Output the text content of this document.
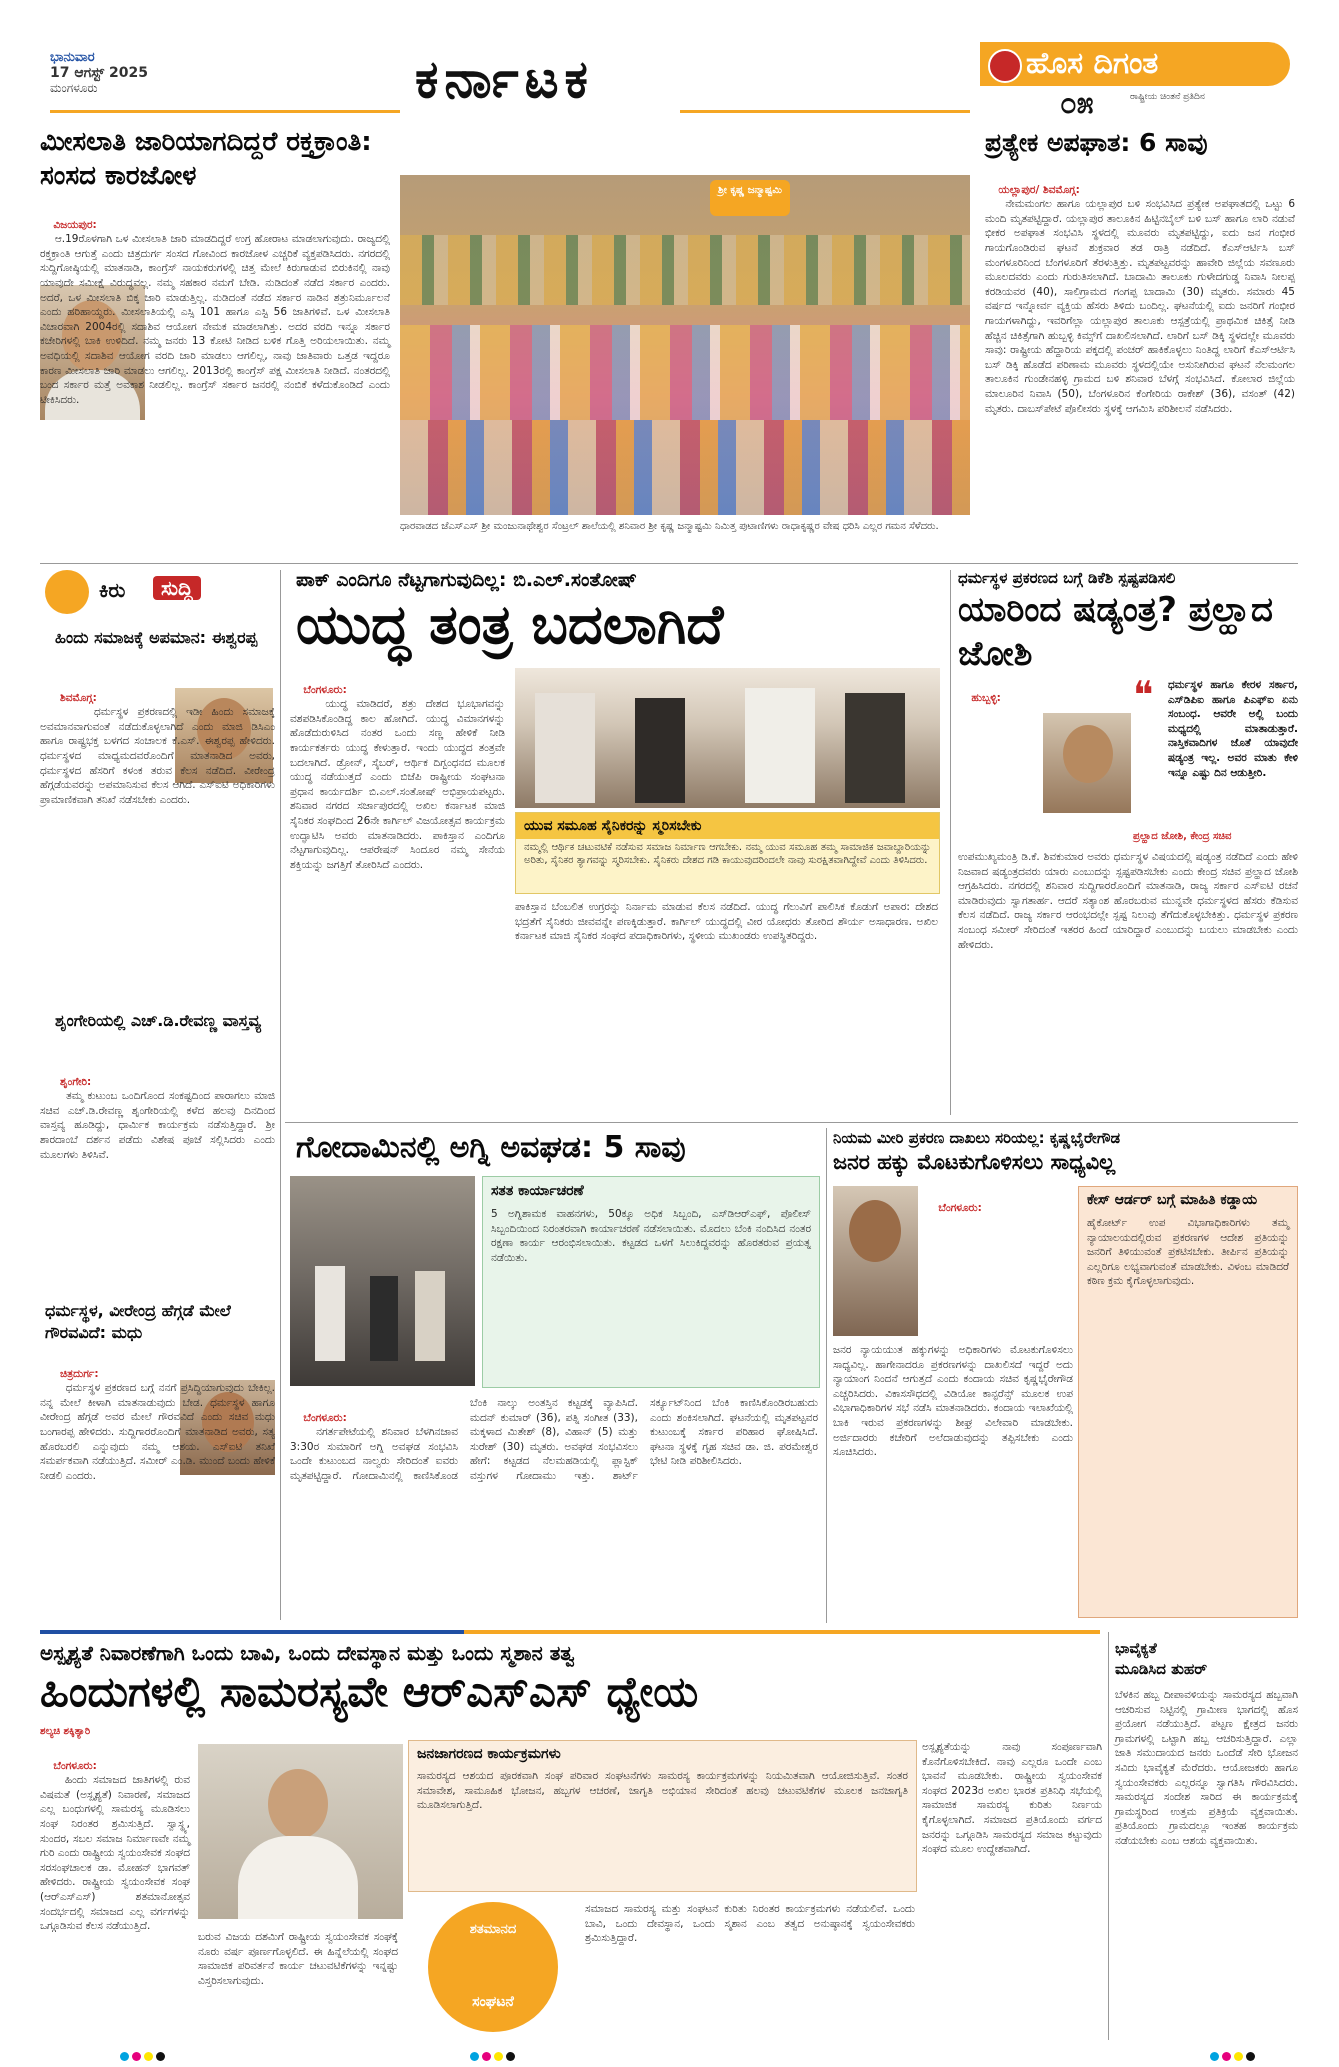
ಭಾನುವಾರ
17 ಆಗಸ್ಟ್ 2025
ಮಂಗಳೂರು	ಕರ್ನಾಟಕ	ಹೊಸ ದಿಗಂತ
೦೫	ರಾಷ್ಟ್ರೀಯ ಚಿಂತನೆ ಪ್ರತಿದಿನ
ಮೀಸಲಾತಿ ಜಾರಿಯಾಗದಿದ್ದರೆ ರಕ್ತಕ್ರಾಂತಿ: ಸಂಸದ ಕಾರಜೋಳ

ವಿಜಯಪುರ:
ಆ.19ರೊಳಗಾಗಿ ಒಳ ಮೀಸಲಾತಿ ಜಾರಿ ಮಾಡದಿದ್ದರೆ ಉಗ್ರ ಹೋರಾಟ ಮಾಡಲಾಗುವುದು. ರಾಜ್ಯದಲ್ಲಿ ರಕ್ತಕ್ರಾಂತಿ ಆಗುತ್ತೆ ಎಂದು ಚಿತ್ರದುರ್ಗ ಸಂಸದ ಗೋವಿಂದ ಕಾರಜೋಳ ಎಚ್ಚರಿಕೆ ವ್ಯಕ್ತಪಡಿಸಿದರು. ನಗರದಲ್ಲಿ ಸುದ್ದಿಗೋಷ್ಠಿಯಲ್ಲಿ ಮಾತನಾಡಿ, ಕಾಂಗ್ರೆಸ್ ನಾಯಕರುಗಳಲ್ಲಿ ಚಿತ್ತ ಮೇಲೆ ಕಿರುಗಾಡುವ ಬಿರುಕಿನಲ್ಲಿ ನಾವು ಯಾವುದೇ ಸಮೀಕ್ಷೆ ವಿರುದ್ಧವಲ್ಲ. ನಮ್ಮ ಸಹಕಾರ ನಮಗೆ ಬೇಡಿ. ನುಡಿದಂತೆ ನಡೆದ ಸರ್ಕಾರ ಎಂದರು. ಅದರೆ, ಒಳ ಮೀಸಲಾತಿ ಬಿಕ್ಕ ಜಾರಿ ಮಾಡುತ್ತಿಲ್ಲ. ನುಡಿದಂತೆ ನಡೆದ ಸರ್ಕಾರ ನಾಡಿನ ಶತ್ರುನಿರ್ಮೂಲನೆ ಎಂದು ಹರಿಹಾಯ್ದರು. ಮೀಸಲಾತಿಯಲ್ಲಿ ಎಸ್ಸಿ 101 ಹಾಗೂ ಎಸ್ಟಿ 56 ಜಾತಿಗಳಿವೆ. ಒಳ ಮೀಸಲಾತಿ ವಿಚಾರವಾಗಿ 2004ರಲ್ಲಿ ಸದಾಶಿವ ಆಯೋಗ ನೇಮಕ ಮಾಡಲಾಗಿತ್ತು. ಅದರ ವರದಿ ಇನ್ನೂ ಸರ್ಕಾರ ಕಚೇರಿಗಳಲ್ಲಿ ಬಾಕಿ ಉಳಿದಿದೆ. ನಮ್ಮ ಜನರು 13 ಕೋಟಿ ನೀಡಿದ ಬಳಿಕ ಗೊತ್ತಿ ಅರಿಯಲಾಯಿತು. ನಮ್ಮ ಅವಧಿಯಲ್ಲಿ ಸದಾಶಿವ ಆಯೋಗ ವರದಿ ಜಾರಿ ಮಾಡಲು ಆಗಲಿಲ್ಲ, ನಾವು ಜಾತಿವಾರು ಒತ್ತಡ ಇದ್ದರೂ ಕಾರಣ ಮೀಸಲಾತಿ ಜಾರಿ ಮಾಡಲು ಆಗಲಿಲ್ಲ. 2013ರಲ್ಲಿ ಕಾಂಗ್ರೆಸ್ ಪಕ್ಷ ಮೀಸಲಾತಿ ನೀಡಿದೆ. ನಂತರದಲ್ಲಿ ಬಂದ ಸರ್ಕಾರ ಮತ್ತೆ ಅವಕಾಶ ನೀಡಲಿಲ್ಲ. ಕಾಂಗ್ರೆಸ್ ಸರ್ಕಾರ ಜನರಲ್ಲಿ ನಂಬಿಕೆ ಕಳೆದುಕೊಂಡಿದೆ ಎಂದು ಟೀಕಿಸಿದರು.

ಶ್ರೀ ಕೃಷ್ಣ ಜನ್ಮಾಷ್ಟಮಿ
ಧಾರವಾಡದ ಜೆಎಸ್ಎಸ್ ಶ್ರೀ ಮಂಜುನಾಥೇಶ್ವರ ಸೆಂಟ್ರಲ್ ಶಾಲೆಯಲ್ಲಿ ಶನಿವಾರ ಶ್ರೀ ಕೃಷ್ಣ ಜನ್ಮಾಷ್ಟಮಿ ನಿಮಿತ್ತ ಪುಟಾಣಿಗಳು ರಾಧಾಕೃಷ್ಣರ ವೇಷ ಧರಿಸಿ ಎಲ್ಲರ ಗಮನ ಸೆಳೆದರು.
ಪ್ರತ್ಯೇಕ ಅಪಘಾತ: 6 ಸಾವು

ಯಲ್ಲಾಪುರ/ ಶಿವಮೊಗ್ಗ:
ನೇಮಮಂಗಲ ಹಾಗೂ ಯಲ್ಲಾಪುರ ಬಳಿ ಸಂಭವಿಸಿದ ಪ್ರತ್ಯೇಕ ಅಪಘಾತದಲ್ಲಿ ಒಟ್ಟು 6 ಮಂದಿ ಮೃತಪಟ್ಟಿದ್ದಾರೆ. ಯಲ್ಲಾಪುರ ತಾಲೂಕಿನ ಹಿಟ್ಟಿನಬೈಲ್ ಬಳಿ ಬಸ್ ಹಾಗೂ ಲಾರಿ ನಡುವೆ ಭೀಕರ ಅಪಘಾತ ಸಂಭವಿಸಿ ಸ್ಥಳದಲ್ಲಿ ಮೂವರು ಮೃತಪಟ್ಟಿದ್ದು, ಐದು ಜನ ಗಂಭೀರ ಗಾಯಗೊಂಡಿರುವ ಘಟನೆ ಶುಕ್ರವಾರ ತಡ ರಾತ್ರಿ ನಡೆದಿದೆ. ಕೆಎಸ್ಆರ್ಟಿಸಿ ಬಸ್ ಮಂಗಳೂರಿನಿಂದ ಬೆಂಗಳೂರಿಗೆ ತೆರಳುತ್ತಿತ್ತು. ಮೃತಪಟ್ಟವರನ್ನು ಹಾವೇರಿ ಜಿಲ್ಲೆಯ ಸವಣೂರು ಮೂಲದವರು ಎಂದು ಗುರುತಿಸಲಾಗಿದೆ. ಬಾದಾಮಿ ತಾಲೂಕು ಗುಳೇದಗುಡ್ಡ ನಿವಾಸಿ ನೀಲಪ್ಪ ಕರಡಿಯವರ (40), ಸಾಲಿಗ್ರಾಮದ ಗಂಗಪ್ಪ ಬಾದಾಮಿ (30) ಮೃತರು. ಸಮಾರು 45 ವರ್ಷದ ಇನ್ನೋರ್ವ ವ್ಯಕ್ತಿಯ ಹೆಸರು ತಿಳಿದು ಬಂದಿಲ್ಲ. ಘಟನೆಯಲ್ಲಿ ಐದು ಜನರಿಗೆ ಗಂಭೀರ ಗಾಯಗಳಾಗಿದ್ದು, ಇವರಿಗೆಲ್ಲಾ ಯಲ್ಲಾಪುರ ತಾಲೂಕು ಆಸ್ಪತ್ರೆಯಲ್ಲಿ ಪ್ರಾಥಮಿಕ ಚಿಕಿತ್ಸೆ ನೀಡಿ ಹೆಚ್ಚಿನ ಚಿಕಿತ್ಸೆಗಾಗಿ ಹುಬ್ಬಳ್ಳಿ ಕಿಮ್ಸ್‌ಗೆ ದಾಖಲಿಸಲಾಗಿದೆ. ಲಾರಿಗೆ ಬಸ್ ಡಿಕ್ಕಿ ಸ್ಥಳದಲ್ಲೇ ಮೂವರು ಸಾವು: ರಾಷ್ಟ್ರೀಯ ಹೆದ್ದಾರಿಯ ಪಕ್ಕದಲ್ಲಿ ಪಂಚರ್ ಹಾಕಿಕೊಳ್ಳಲು ನಿಂತಿದ್ದ ಲಾರಿಗೆ ಕೆಎಸ್ಆರ್ಟಿಸಿ ಬಸ್ ಡಿಕ್ಕಿ ಹೊಡೆದ ಪರಿಣಾಮ ಮೂವರು ಸ್ಥಳದಲ್ಲಿಯೇ ಅಸುನೀಗಿರುವ ಘಟನೆ ನೆಲಮಂಗಲ ತಾಲೂಕಿನ ಗುಂಡೇನಹಳ್ಳಿ ಗ್ರಾಮದ ಬಳಿ ಶನಿವಾರ ಬೆಳಗ್ಗೆ ಸಂಭವಿಸಿದೆ. ಕೋಲಾರ ಜಿಲ್ಲೆಯ ಮಾಲೂರಿನ ನಿವಾಸಿ (50), ಬೆಂಗಳೂರಿನ ಕೆಂಗೇರಿಯ ರಾಕೇಶ್ (36), ವಸಂತ್ (42) ಮೃತರು. ದಾಬಸ್‌ಪೇಟೆ ಪೊಲೀಸರು ಸ್ಥಳಕ್ಕೆ ಆಗಮಿಸಿ ಪರಿಶೀಲನೆ ನಡೆಸಿದರು.

ಕಿರು	ಸುದ್ದಿ
ಹಿಂದು ಸಮಾಜಕ್ಕೆ ಅಪಮಾನ: ಈಶ್ವರಪ್ಪ

ಶಿವಮೊಗ್ಗ:
ಧರ್ಮಸ್ಥಳ ಪ್ರಕರಣದಲ್ಲಿ ಇಡೀ ಹಿಂದು ಸಮಾಜಕ್ಕೆ ಅವಮಾನವಾಗುವಂತೆ ನಡೆದುಕೊಳ್ಳಲಾಗಿದೆ ಎಂದು ಮಾಜಿ ಡಿಸಿಎಂ ಹಾಗೂ ರಾಷ್ಟ್ರಭಕ್ತ ಬಳಗದ ಸಂಚಾಲಕ ಕೆ.ಎಸ್. ಈಶ್ವರಪ್ಪ ಹೇಳಿದರು. ಧರ್ಮಸ್ಥಳದ ಮಾಧ್ಯಮದವರೊಂದಿಗೆ ಮಾತನಾಡಿದ ಅವರು, ಧರ್ಮಸ್ಥಳದ ಹೆಸರಿಗೆ ಕಳಂಕ ತರುವ ಕೆಲಸ ನಡೆದಿದೆ. ವೀರೇಂದ್ರ ಹೆಗ್ಗಡೆಯವರನ್ನು ಅಪಮಾನಿಸುವ ಕೆಲಸ ಆಗಿದೆ. ಎಸ್ಐಟಿ ಅಧಿಕಾರಿಗಳು ಪ್ರಾಮಾಣಿಕವಾಗಿ ತನಿಖೆ ನಡೆಸಬೇಕು ಎಂದರು.

ಶೃಂಗೇರಿಯಲ್ಲಿ ಎಚ್.ಡಿ.ರೇವಣ್ಣ ವಾಸ್ತವ್ಯ

ಶೃಂಗೇರಿ:
ತಮ್ಮ ಕುಟುಂಬ ಒಂದಿಗೊಂದ ಸಂಕಷ್ಟದಿಂದ ಪಾರಾಗಲು ಮಾಜಿ ಸಚಿವ ಎಚ್.ಡಿ.ರೇವಣ್ಣ ಶೃಂಗೇರಿಯಲ್ಲಿ ಕಳೆದ ಹಲವು ದಿನದಿಂದ ವಾಸ್ತವ್ಯ ಹೂಡಿದ್ದು, ಧಾರ್ಮಿಕ ಕಾರ್ಯಕ್ರಮ ನಡೆಸುತ್ತಿದ್ದಾರೆ. ಶ್ರೀ ಶಾರದಾಂಬೆ ದರ್ಶನ ಪಡೆದು ವಿಶೇಷ ಪೂಜೆ ಸಲ್ಲಿಸಿದರು ಎಂದು ಮೂಲಗಳು ತಿಳಿಸಿವೆ.

ಧರ್ಮಸ್ಥಳ, ವೀರೇಂದ್ರ ಹೆಗ್ಗಡೆ ಮೇಲೆ ಗೌರವವಿದೆ: ಮಧು

ಚಿತ್ರದುರ್ಗ:
ಧರ್ಮಸ್ಥಳ ಪ್ರಕರಣದ ಬಗ್ಗೆ ನನಗೆ ಪ್ರಸಿದ್ಧಿಯಾಗುವುದು ಬೇಕಿಲ್ಲ. ನನ್ನ ಮೇಲೆ ಕೀಳಾಗಿ ಮಾತನಾಡುವುದು ಬೇಡ. ಧರ್ಮಸ್ಥಳ ಹಾಗೂ ವೀರೇಂದ್ರ ಹೆಗ್ಗಡೆ ಅವರ ಮೇಲೆ ಗೌರವವಿದೆ ಎಂದು ಸಚಿವ ಮಧು ಬಂಗಾರಪ್ಪ ಹೇಳಿದರು. ಸುದ್ದಿಗಾರರೊಂದಿಗೆ ಮಾತನಾಡಿದ ಅವರು, ಸತ್ಯ ಹೊರಬರಲಿ ಎನ್ನುವುದು ನಮ್ಮ ಆಶಯ. ಎಸ್ಐಟಿ ತನಿಖೆ ಸಮರ್ಪಕವಾಗಿ ನಡೆಯುತ್ತಿದೆ. ಸಮೀರ್ ಎಂ.ಡಿ. ಮುಂದೆ ಬಂದು ಹೇಳಿಕೆ ನೀಡಲಿ ಎಂದರು.

ಪಾಕ್ ಎಂದಿಗೂ ನೆಟ್ಟಗಾಗುವುದಿಲ್ಲ: ಬಿ.ಎಲ್.ಸಂತೋಷ್
ಯುದ್ಧ ತಂತ್ರ ಬದಲಾಗಿದೆ

ಬೆಂಗಳೂರು:
ಯುದ್ಧ ಮಾಡಿದರೆ, ಶತ್ರು ದೇಶದ ಭೂಭಾಗವನ್ನು ವಶಪಡಿಸಿಕೊಂಡಿದ್ದ ಕಾಲ ಹೋಗಿದೆ. ಯುದ್ಧ ವಿಮಾನಗಳನ್ನು ಹೊಡೆದುರುಳಿಸಿದ ನಂತರ ಒಂದು ಸಣ್ಣ ಹೇಳಿಕೆ ನೀಡಿ ಕಾರ್ಯಕರ್ತರು ಯುದ್ಧ ಕೇಳುತ್ತಾರೆ. ಇಂದು ಯುದ್ಧದ ತಂತ್ರವೇ ಬದಲಾಗಿದೆ. ಡ್ರೋನ್, ಸೈಬರ್, ಆರ್ಥಿಕ ದಿಗ್ಬಂಧನದ ಮೂಲಕ ಯುದ್ಧ ನಡೆಯುತ್ತದೆ ಎಂದು ಬಿಜೆಪಿ ರಾಷ್ಟ್ರೀಯ ಸಂಘಟನಾ ಪ್ರಧಾನ ಕಾರ್ಯದರ್ಶಿ ಬಿ.ಎಲ್.ಸಂತೋಷ್ ಅಭಿಪ್ರಾಯಪಟ್ಟರು. ಶನಿವಾರ ನಗರದ ಸರ್ಜಾಪುರದಲ್ಲಿ ಅಖಿಲ ಕರ್ನಾಟಕ ಮಾಜಿ ಸೈನಿಕರ ಸಂಘದಿಂದ 26ನೇ ಕಾರ್ಗಿಲ್ ವಿಜಯೋತ್ಸವ ಕಾರ್ಯಕ್ರಮ ಉದ್ಘಾಟಿಸಿ ಅವರು ಮಾತನಾಡಿದರು. ಪಾಕಿಸ್ತಾನ ಎಂದಿಗೂ ನೆಟ್ಟಗಾಗುವುದಿಲ್ಲ. ಆಪರೇಷನ್ ಸಿಂದೂರ ನಮ್ಮ ಸೇನೆಯ ಶಕ್ತಿಯನ್ನು ಜಗತ್ತಿಗೆ ತೋರಿಸಿದೆ ಎಂದರು.

ಯುವ ಸಮೂಹ ಸೈನಿಕರನ್ನು ಸ್ಮರಿಸಬೇಕು
ನಮ್ಮಲ್ಲಿ ಆರ್ಥಿಕ ಚಟುವಟಿಕೆ ನಡೆಸುವ ಸಮಾಜ ನಿರ್ಮಾಣ ಆಗಬೇಕು. ನಮ್ಮ ಯುವ ಸಮೂಹ ತಮ್ಮ ಸಾಮಾಜಿಕ ಜವಾಬ್ದಾರಿಯನ್ನು ಅರಿತು, ಸೈನಿಕರ ತ್ಯಾಗವನ್ನು ಸ್ಮರಿಸಬೇಕು. ಸೈನಿಕರು ದೇಶದ ಗಡಿ ಕಾಯುವುದರಿಂದಲೇ ನಾವು ಸುರಕ್ಷಿತವಾಗಿದ್ದೇವೆ ಎಂದು ತಿಳಿಸಿದರು.
ಪಾಕಿಸ್ತಾನ ಬೆಂಬಲಿತ ಉಗ್ರರನ್ನು ನಿರ್ನಾಮ ಮಾಡುವ ಕೆಲಸ ನಡೆದಿದೆ. ಯುದ್ಧ ಗೆಲುವಿಗೆ ಪಾಲಿಸಿಕ ಕೊಡುಗೆ ಅಪಾರ: ದೇಶದ ಭದ್ರತೆಗೆ ಸೈನಿಕರು ಜೀವವನ್ನೇ ಪಣಕ್ಕಿಡುತ್ತಾರೆ. ಕಾರ್ಗಿಲ್ ಯುದ್ಧದಲ್ಲಿ ವೀರ ಯೋಧರು ತೋರಿದ ಶೌರ್ಯ ಅಸಾಧಾರಣ. ಅಖಿಲ ಕರ್ನಾಟಕ ಮಾಜಿ ಸೈನಿಕರ ಸಂಘದ ಪದಾಧಿಕಾರಿಗಳು, ಸ್ಥಳೀಯ ಮುಖಂಡರು ಉಪಸ್ಥಿತರಿದ್ದರು.
ಧರ್ಮಸ್ಥಳ ಪ್ರಕರಣದ ಬಗ್ಗೆ ಡಿಕೆಶಿ ಸ್ಪಷ್ಟಪಡಿಸಲಿ
ಯಾರಿಂದ ಷಡ್ಯಂತ್ರ? ಪ್ರಲ್ಹಾದ ಜೋಶಿ
❝ ಧರ್ಮಸ್ಥಳ ಹಾಗೂ ಕೇರಳ ಸರ್ಕಾರ, ಎಸ್‌ಡಿಪಿಐ ಹಾಗೂ ಪಿಎಫ್‌ಐ ಏನು ಸಂಬಂಧ. ಆವರೇ ಅಲ್ಲಿ ಬಂದು ಮಧ್ಯದಲ್ಲಿ ಮಾತಾಡುತ್ತಾರೆ. ನಾಸ್ತಿಕವಾದಿಗಳ ಜೊತೆ ಯಾವುದೇ ಷಡ್ಯಂತ್ರ ಇಲ್ಲ. ಅವರ ಮಾತು ಕೇಳಿ ಇನ್ನೂ ಎಷ್ಟು ದಿನ ಆಡುತ್ತೀರಿ.
ಪ್ರಲ್ಹಾದ ಜೋಶಿ, ಕೇಂದ್ರ ಸಚಿವ

ಹುಬ್ಬಳ್ಳಿ:

ಉಪಮುಖ್ಯಮಂತ್ರಿ ಡಿ.ಕೆ. ಶಿವಕುಮಾರ ಅವರು ಧರ್ಮಸ್ಥಳ ವಿಷಯದಲ್ಲಿ ಷಡ್ಯಂತ್ರ ನಡೆದಿದೆ ಎಂದು ಹೇಳಿ ನಿಜವಾದ ಷಡ್ಯಂತ್ರದವರು ಯಾರು ಎಂಬುದನ್ನು ಸ್ಪಷ್ಟಪಡಿಸಬೇಕು ಎಂದು ಕೇಂದ್ರ ಸಚಿವ ಪ್ರಲ್ಹಾದ ಜೋಶಿ ಆಗ್ರಹಿಸಿದರು. ನಗರದಲ್ಲಿ ಶನಿವಾರ ಸುದ್ದಿಗಾರರೊಂದಿಗೆ ಮಾತನಾಡಿ, ರಾಜ್ಯ ಸರ್ಕಾರ ಎಸ್ಐಟಿ ರಚನೆ ಮಾಡಿರುವುದು ಸ್ವಾಗತಾರ್ಹ. ಆದರೆ ಸತ್ಯಾಂಶ ಹೊರಬರುವ ಮುನ್ನವೇ ಧರ್ಮಸ್ಥಳದ ಹೆಸರು ಕೆಡಿಸುವ ಕೆಲಸ ನಡೆದಿದೆ. ರಾಜ್ಯ ಸರ್ಕಾರ ಆರಂಭದಲ್ಲೇ ಸ್ಪಷ್ಟ ನಿಲುವು ತೆಗೆದುಕೊಳ್ಳಬೇಕಿತ್ತು. ಧರ್ಮಸ್ಥಳ ಪ್ರಕರಣ ಸಂಬಂಧ ಸಮೀರ್ ಸೇರಿದಂತೆ ಇತರರ ಹಿಂದೆ ಯಾರಿದ್ದಾರೆ ಎಂಬುದನ್ನು ಬಯಲು ಮಾಡಬೇಕು ಎಂದು ಹೇಳಿದರು.
ಗೋದಾಮಿನಲ್ಲಿ ಅಗ್ನಿ ಅವಘಡ: 5 ಸಾವು
ಸತತ ಕಾರ್ಯಾಚರಣೆ
5 ಅಗ್ನಿಶಾಮಕ ವಾಹನಗಳು, 50ಕ್ಕೂ ಅಧಿಕ ಸಿಬ್ಬಂದಿ, ಎಸ್‌ಡಿಆರ್‌ಎಫ್, ಪೊಲೀಸ್ ಸಿಬ್ಬಂದಿಯಿಂದ ನಿರಂತರವಾಗಿ ಕಾರ್ಯಾಚರಣೆ ನಡೆಸಲಾಯಿತು. ಮೊದಲು ಬೆಂಕಿ ನಂದಿಸಿದ ನಂತರ ರಕ್ಷಣಾ ಕಾರ್ಯ ಆರಂಭಿಸಲಾಯಿತು. ಕಟ್ಟಡದ ಒಳಗೆ ಸಿಲುಕಿದ್ದವರನ್ನು ಹೊರತರುವ ಪ್ರಯತ್ನ ನಡೆಯಿತು.

ಬೆಂಗಳೂರು:
ನಗರ್ತಪೇಟೆಯಲ್ಲಿ ಶನಿವಾರ ಬೆಳಗಿನಜಾವ 3:30ರ ಸುಮಾರಿಗೆ ಅಗ್ನಿ ಅವಘಡ ಸಂಭವಿಸಿ ಒಂದೇ ಕುಟುಂಬದ ನಾಲ್ವರು ಸೇರಿದಂತೆ ಐವರು ಮೃತಪಟ್ಟಿದ್ದಾರೆ. ಗೋದಾಮಿನಲ್ಲಿ ಕಾಣಿಸಿಕೊಂಡ ಬೆಂಕಿ ನಾಲ್ಕು ಅಂತಸ್ತಿನ ಕಟ್ಟಡಕ್ಕೆ ವ್ಯಾಪಿಸಿದೆ. ಮದನ್ ಕುಮಾರ್ (36), ಪತ್ನಿ ಸಂಗೀತ (33), ಮಕ್ಕಳಾದ ಮಿತೇಶ್ (8), ವಿಹಾನ್ (5) ಮತ್ತು ಸುರೇಶ್ (30) ಮೃತರು. ಅವಘಡ ಸಂಭವಿಸಲು ಹೇಗೆ: ಕಟ್ಟಡದ ನೆಲಮಹಡಿಯಲ್ಲಿ ಪ್ಲಾಸ್ಟಿಕ್ ವಸ್ತುಗಳ ಗೋದಾಮು ಇತ್ತು. ಶಾರ್ಟ್ ಸರ್ಕ್ಯೂಟ್‌ನಿಂದ ಬೆಂಕಿ ಕಾಣಿಸಿಕೊಂಡಿರಬಹುದು ಎಂದು ಶಂಕಿಸಲಾಗಿದೆ. ಘಟನೆಯಲ್ಲಿ ಮೃತಪಟ್ಟವರ ಕುಟುಂಬಕ್ಕೆ ಸರ್ಕಾರ ಪರಿಹಾರ ಘೋಷಿಸಿದೆ. ಘಟನಾ ಸ್ಥಳಕ್ಕೆ ಗೃಹ ಸಚಿವ ಡಾ. ಜಿ. ಪರಮೇಶ್ವರ ಭೇಟಿ ನೀಡಿ ಪರಿಶೀಲಿಸಿದರು.

ನಿಯಮ ಮೀರಿ ಪ್ರಕರಣ ದಾಖಲು ಸರಿಯಲ್ಲ: ಕೃಷ್ಣಭೈರೇಗೌಡ
ಜನರ ಹಕ್ಕು ಮೊಟಕುಗೊಳಿಸಲು ಸಾಧ್ಯವಿಲ್ಲ
ಕೇಸ್ ಆರ್ಡರ್ ಬಗ್ಗೆ ಮಾಹಿತಿ ಕಡ್ಡಾಯ
ಹೈಕೋರ್ಟ್ ಉಪ ವಿಭಾಗಾಧಿಕಾರಿಗಳು ತಮ್ಮ ನ್ಯಾಯಾಲಯದಲ್ಲಿರುವ ಪ್ರಕರಣಗಳ ಆದೇಶ ಪ್ರತಿಯನ್ನು ಜನರಿಗೆ ತಿಳಿಯುವಂತೆ ಪ್ರಕಟಿಸಬೇಕು. ತೀರ್ಪಿನ ಪ್ರತಿಯನ್ನು ಎಲ್ಲರಿಗೂ ಲಭ್ಯವಾಗುವಂತೆ ಮಾಡಬೇಕು. ವಿಳಂಬ ಮಾಡಿದರೆ ಕಠಿಣ ಕ್ರಮ ಕೈಗೊಳ್ಳಲಾಗುವುದು.

ಬೆಂಗಳೂರು:

ಜನರ ನ್ಯಾಯಯುತ ಹಕ್ಕುಗಳನ್ನು ಅಧಿಕಾರಿಗಳು ಮೊಟಕುಗೊಳಿಸಲು ಸಾಧ್ಯವಿಲ್ಲ. ಹಾಗೇನಾದರೂ ಪ್ರಕರಣಗಳನ್ನು ದಾಖಲಿಸದೆ ಇದ್ದರೆ ಅದು ನ್ಯಾಯಾಂಗ ನಿಂದನೆ ಆಗುತ್ತದೆ ಎಂದು ಕಂದಾಯ ಸಚಿವ ಕೃಷ್ಣಭೈರೇಗೌಡ ಎಚ್ಚರಿಸಿದರು. ವಿಕಾಸಸೌಧದಲ್ಲಿ ವಿಡಿಯೋ ಕಾನ್ಫರೆನ್ಸ್ ಮೂಲಕ ಉಪ ವಿಭಾಗಾಧಿಕಾರಿಗಳ ಸಭೆ ನಡೆಸಿ ಮಾತನಾಡಿದರು. ಕಂದಾಯ ಇಲಾಖೆಯಲ್ಲಿ ಬಾಕಿ ಇರುವ ಪ್ರಕರಣಗಳನ್ನು ಶೀಘ್ರ ವಿಲೇವಾರಿ ಮಾಡಬೇಕು. ಅರ್ಜಿದಾರರು ಕಚೇರಿಗೆ ಅಲೆದಾಡುವುದನ್ನು ತಪ್ಪಿಸಬೇಕು ಎಂದು ಸೂಚಿಸಿದರು.
ಅಸ್ಪೃಶ್ಯತೆ ನಿವಾರಣೆಗಾಗಿ ಒಂದು ಬಾವಿ, ಒಂದು ದೇವಸ್ಥಾನ ಮತ್ತು ಒಂದು ಸ್ಮಶಾನ ತತ್ವ
ಹಿಂದುಗಳಲ್ಲಿ ಸಾಮರಸ್ಯವೇ ಆರ್‌ಎಸ್‌ಎಸ್ ಧ್ಯೇಯ
ಶಲ್ಯಚಿ ಶಕ್ಕಿತ್ಯಾರಿ

ಬೆಂಗಳೂರು:
ಹಿಂದು ಸಮಾಜದ ಜಾತಿಗಳಲ್ಲಿ ರುವ ವಿಷಮತೆ (ಅಸ್ಪೃಶ್ಯತೆ) ನಿವಾರಣೆ, ಸಮಾಜದ ಎಲ್ಲ ಬಂಧುಗಳಲ್ಲಿ ಸಾಮರಸ್ಯ ಮೂಡಿಸಲು ಸಂಘ ನಿರಂತರ ಶ್ರಮಿಸುತ್ತಿದೆ. ಸ್ವಾಸ್ಥ್ಯ, ಸುಂದರ, ಸಬಲ ಸಮಾಜ ನಿರ್ಮಾಣವೇ ನಮ್ಮ ಗುರಿ ಎಂದು ರಾಷ್ಟ್ರೀಯ ಸ್ವಯಂಸೇವಕ ಸಂಘದ ಸರಸಂಘಚಾಲಕ ಡಾ. ಮೋಹನ್ ಭಾಗವತ್ ಹೇಳಿದರು. ರಾಷ್ಟ್ರೀಯ ಸ್ವಯಂಸೇವಕ ಸಂಘ (ಆರ್‌ಎಸ್‌ಎಸ್) ಶತಮಾನೋತ್ಸವ ಸಂದರ್ಭದಲ್ಲಿ ಸಮಾಜದ ಎಲ್ಲ ವರ್ಗಗಳನ್ನು ಒಗ್ಗೂಡಿಸುವ ಕೆಲಸ ನಡೆಯುತ್ತಿದೆ.

ಜನಜಾಗರಣದ ಕಾರ್ಯಕ್ರಮಗಳು
ಸಾಮರಸ್ಯದ ಆಶಯದ ಪೂರಕವಾಗಿ ಸಂಘ ಪರಿವಾರ ಸಂಘಟನೆಗಳು ಸಾಮರಸ್ಯ ಕಾರ್ಯಕ್ರಮಗಳನ್ನು ನಿಯಮಿತವಾಗಿ ಆಯೋಜಿಸುತ್ತಿವೆ. ಸಂತರ ಸಮಾವೇಶ, ಸಾಮೂಹಿಕ ಭೋಜನ, ಹಬ್ಬಗಳ ಆಚರಣೆ, ಜಾಗೃತಿ ಅಭಿಯಾನ ಸೇರಿದಂತೆ ಹಲವು ಚಟುವಟಿಕೆಗಳ ಮೂಲಕ ಜನಜಾಗೃತಿ ಮೂಡಿಸಲಾಗುತ್ತಿದೆ.
ಬರುವ ವಿಜಯ ದಶಮಿಗೆ ರಾಷ್ಟ್ರೀಯ ಸ್ವಯಂಸೇವಕ ಸಂಘಕ್ಕೆ ನೂರು ವರ್ಷ ಪೂರ್ಣಗೊಳ್ಳಲಿದೆ. ಈ ಹಿನ್ನೆಲೆಯಲ್ಲಿ ಸಂಘದ ಸಾಮಾಜಿಕ ಪರಿವರ್ತನೆ ಕಾರ್ಯ ಚಟುವಟಿಕೆಗಳನ್ನು ಇನ್ನಷ್ಟು ವಿಸ್ತರಿಸಲಾಗುವುದು.
ಶತಮಾನದ
ಸಂಘಟನೆ
ಸಮಾಜದ ಸಾಮರಸ್ಯ ಮತ್ತು ಸಂಘಟನೆ ಕುರಿತು ನಿರಂತರ ಕಾರ್ಯಕ್ರಮಗಳು ನಡೆಯಲಿವೆ. ಒಂದು ಬಾವಿ, ಒಂದು ದೇವಸ್ಥಾನ, ಒಂದು ಸ್ಮಶಾನ ಎಂಬ ತತ್ವದ ಅನುಷ್ಠಾನಕ್ಕೆ ಸ್ವಯಂಸೇವಕರು ಶ್ರಮಿಸುತ್ತಿದ್ದಾರೆ.
ಅಸ್ಪೃಶ್ಯತೆಯನ್ನು ನಾವು ಸಂಪೂರ್ಣವಾಗಿ ಕೊನೆಗೊಳಿಸಬೇಕಿದೆ. ನಾವು ಎಲ್ಲರೂ ಒಂದೇ ಎಂಬ ಭಾವನೆ ಮೂಡಬೇಕು. ರಾಷ್ಟ್ರೀಯ ಸ್ವಯಂಸೇವಕ ಸಂಘದ 2023ರ ಅಖಿಲ ಭಾರತ ಪ್ರತಿನಿಧಿ ಸಭೆಯಲ್ಲಿ ಸಾಮಾಜಿಕ ಸಾಮರಸ್ಯ ಕುರಿತು ನಿರ್ಣಯ ಕೈಗೊಳ್ಳಲಾಗಿದೆ. ಸಮಾಜದ ಪ್ರತಿಯೊಂದು ವರ್ಗದ ಜನರನ್ನು ಒಗ್ಗೂಡಿಸಿ ಸಾಮರಸ್ಯದ ಸಮಾಜ ಕಟ್ಟುವುದು ಸಂಘದ ಮೂಲ ಉದ್ದೇಶವಾಗಿದೆ.
ಭಾವೈಕ್ಯತೆ
ಮೂಡಿಸಿದ ತುಹರ್
ಬೆಳಕಿನ ಹಬ್ಬ ದೀಪಾವಳಿಯನ್ನು ಸಾಮರಸ್ಯದ ಹಬ್ಬವಾಗಿ ಆಚರಿಸುವ ನಿಟ್ಟಿನಲ್ಲಿ ಗ್ರಾಮೀಣ ಭಾಗದಲ್ಲಿ ಹೊಸ ಪ್ರಯೋಗ ನಡೆಯುತ್ತಿದೆ. ಪಟ್ಟಣ ಕ್ಷೇತ್ರದ ಜನರು ಗ್ರಾಮಗಳಲ್ಲಿ ಒಟ್ಟಾಗಿ ಹಬ್ಬ ಆಚರಿಸುತ್ತಿದ್ದಾರೆ. ಎಲ್ಲಾ ಜಾತಿ ಸಮುದಾಯದ ಜನರು ಒಂದೆಡೆ ಸೇರಿ ಭೋಜನ ಸವಿದು ಭಾವೈಕ್ಯತೆ ಮೆರೆದರು. ಆಯೋಜಕರು ಹಾಗೂ ಸ್ವಯಂಸೇವಕರು ಎಲ್ಲರನ್ನೂ ಸ್ವಾಗತಿಸಿ ಗೌರವಿಸಿದರು. ಸಾಮರಸ್ಯದ ಸಂದೇಶ ಸಾರಿದ ಈ ಕಾರ್ಯಕ್ರಮಕ್ಕೆ ಗ್ರಾಮಸ್ಥರಿಂದ ಉತ್ತಮ ಪ್ರತಿಕ್ರಿಯೆ ವ್ಯಕ್ತವಾಯಿತು. ಪ್ರತಿಯೊಂದು ಗ್ರಾಮದಲ್ಲೂ ಇಂತಹ ಕಾರ್ಯಕ್ರಮ ನಡೆಯಬೇಕು ಎಂಬ ಆಶಯ ವ್ಯಕ್ತವಾಯಿತು.
